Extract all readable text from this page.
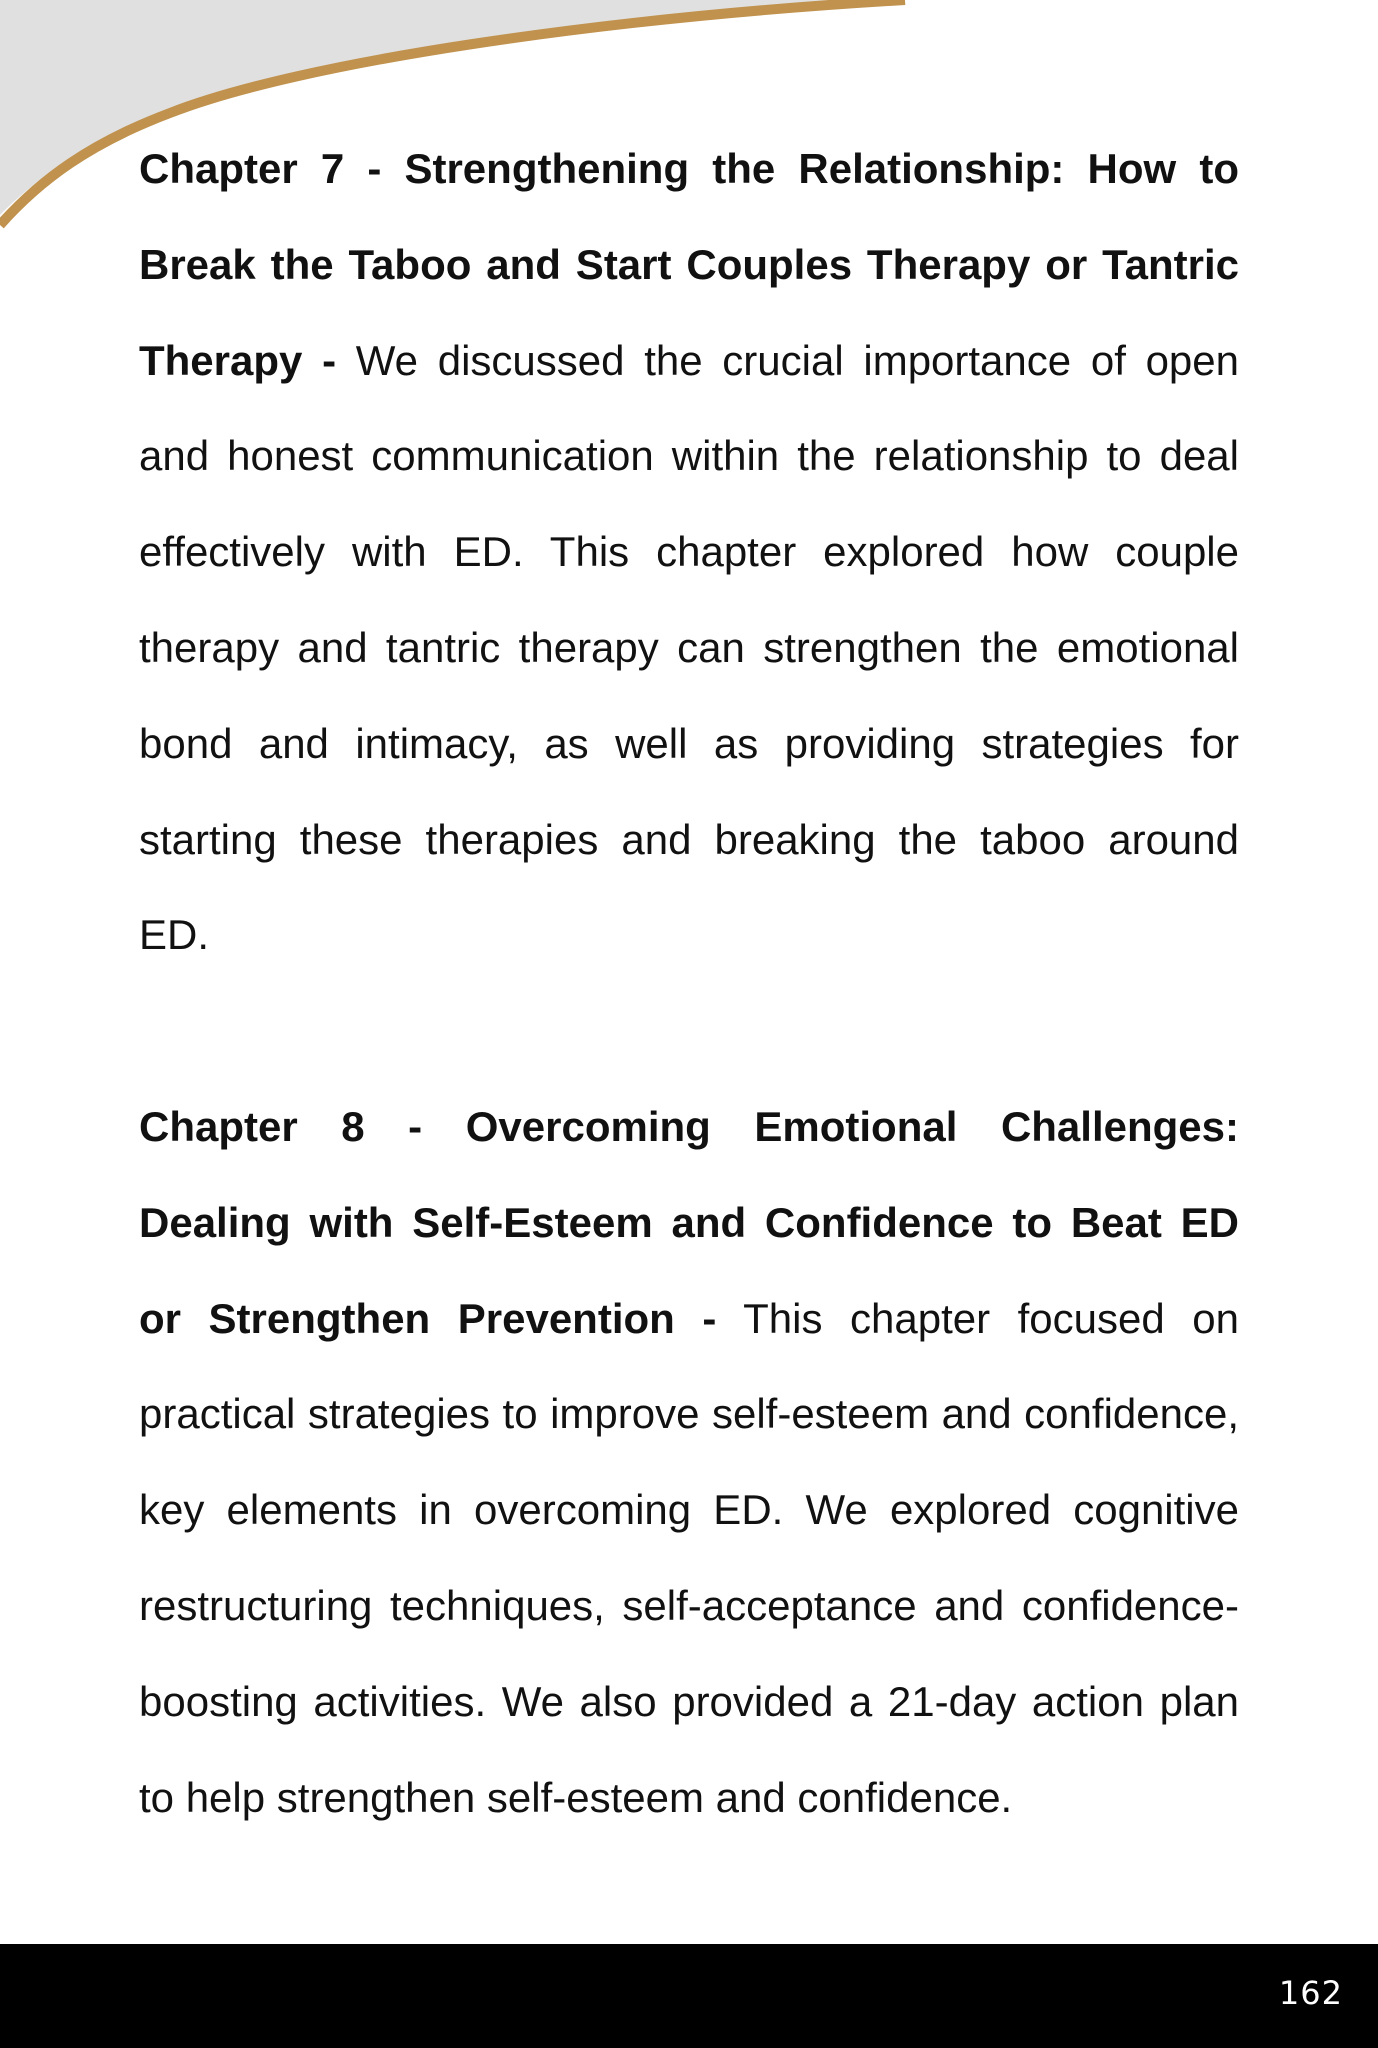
Chapter 7 - Strengthening the Relationship: How to Break the Taboo and Start Couples Therapy or Tantric Therapy - We discussed the crucial importance of open and honest communication within the relationship to deal effectively with ED. This chapter explored how couple therapy and tantric therapy can strengthen the emotional bond and intimacy, as well as providing strategies for starting these therapies and breaking the taboo around ED.

Chapter 8 - Overcoming Emotional Challenges: Dealing with Self-Esteem and Confidence to Beat ED or Strengthen Prevention - This chapter focused on practical strategies to improve self-esteem and confidence, key elements in overcoming ED. We explored cognitive restructuring techniques, self-acceptance and confidence-boosting activities. We also provided a 21-day action plan to help strengthen self-esteem and confidence.

162
